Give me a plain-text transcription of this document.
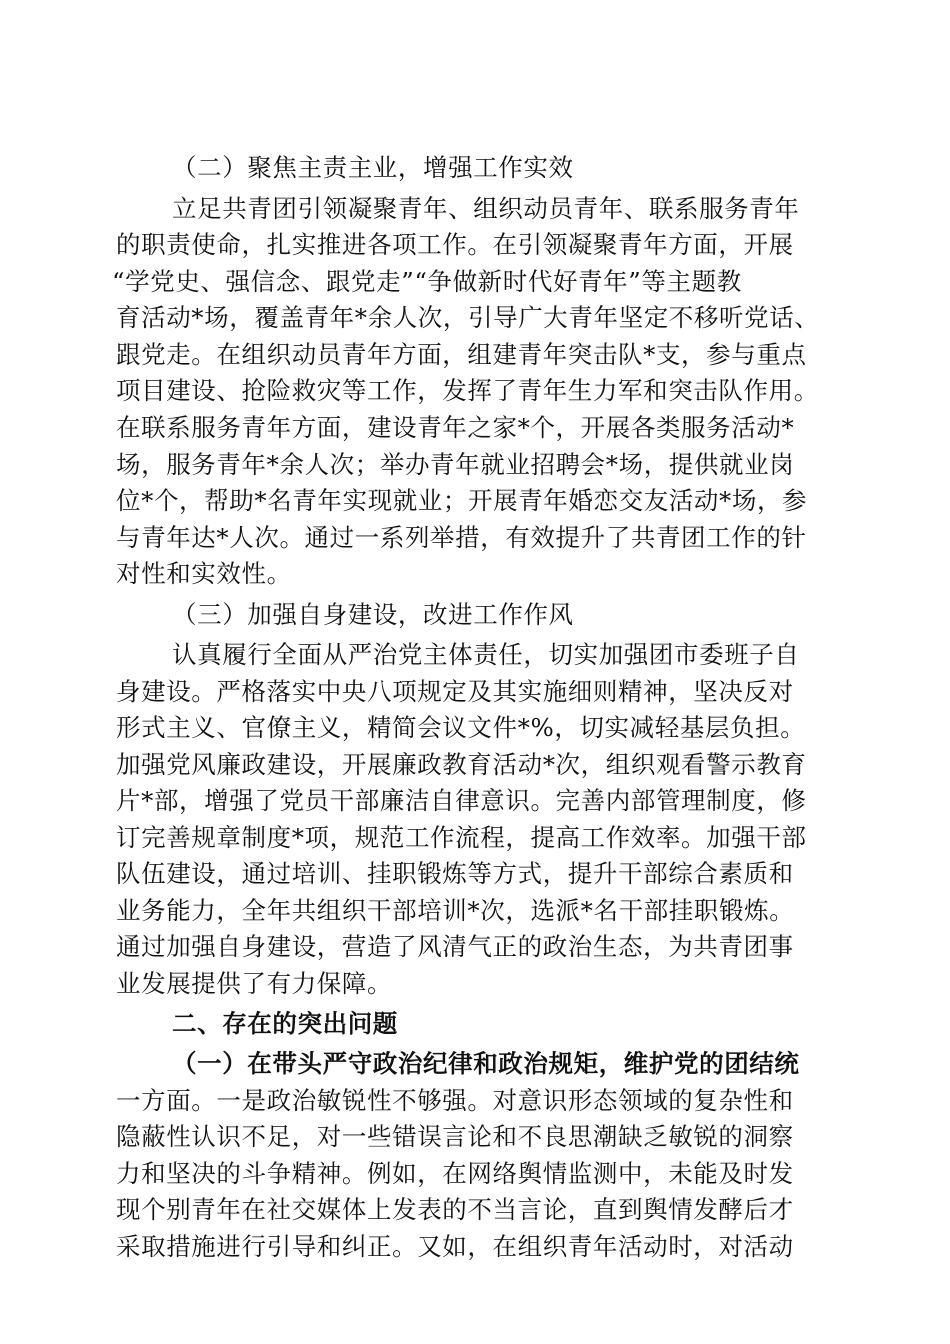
（二）聚焦主责主业，增强工作实效
立足共青团引领凝聚青年、组织动员青年、联系服务青年
的职责使命，扎实推进各项工作。在引领凝聚青年方面，开展
“学党史、强信念、跟党走”“争做新时代好青年”等主题教
育活动*场，覆盖青年*余人次，引导广大青年坚定不移听党话、
跟党走。在组织动员青年方面，组建青年突击队*支，参与重点
项目建设、抢险救灾等工作，发挥了青年生力军和突击队作用。
在联系服务青年方面，建设青年之家*个，开展各类服务活动*
场，服务青年*余人次；举办青年就业招聘会*场，提供就业岗
位*个，帮助*名青年实现就业；开展青年婚恋交友活动*场，参
与青年达*人次。通过一系列举措，有效提升了共青团工作的针
对性和实效性。
（三）加强自身建设，改进工作作风
认真履行全面从严治党主体责任，切实加强团市委班子自
身建设。严格落实中央八项规定及其实施细则精神，坚决反对
形式主义、官僚主义，精简会议文件*%，切实减轻基层负担。
加强党风廉政建设，开展廉政教育活动*次，组织观看警示教育
片*部，增强了党员干部廉洁自律意识。完善内部管理制度，修
订完善规章制度*项，规范工作流程，提高工作效率。加强干部
队伍建设，通过培训、挂职锻炼等方式，提升干部综合素质和
业务能力，全年共组织干部培训*次，选派*名干部挂职锻炼。
通过加强自身建设，营造了风清气正的政治生态，为共青团事
业发展提供了有力保障。
二、存在的突出问题
（一）在带头严守政治纪律和政治规矩，维护党的团结统
一方面。一是政治敏锐性不够强。对意识形态领域的复杂性和
隐蔽性认识不足，对一些错误言论和不良思潮缺乏敏锐的洞察
力和坚决的斗争精神。例如，在网络舆情监测中，未能及时发
现个别青年在社交媒体上发表的不当言论，直到舆情发酵后才
采取措施进行引导和纠正。又如，在组织青年活动时，对活动
